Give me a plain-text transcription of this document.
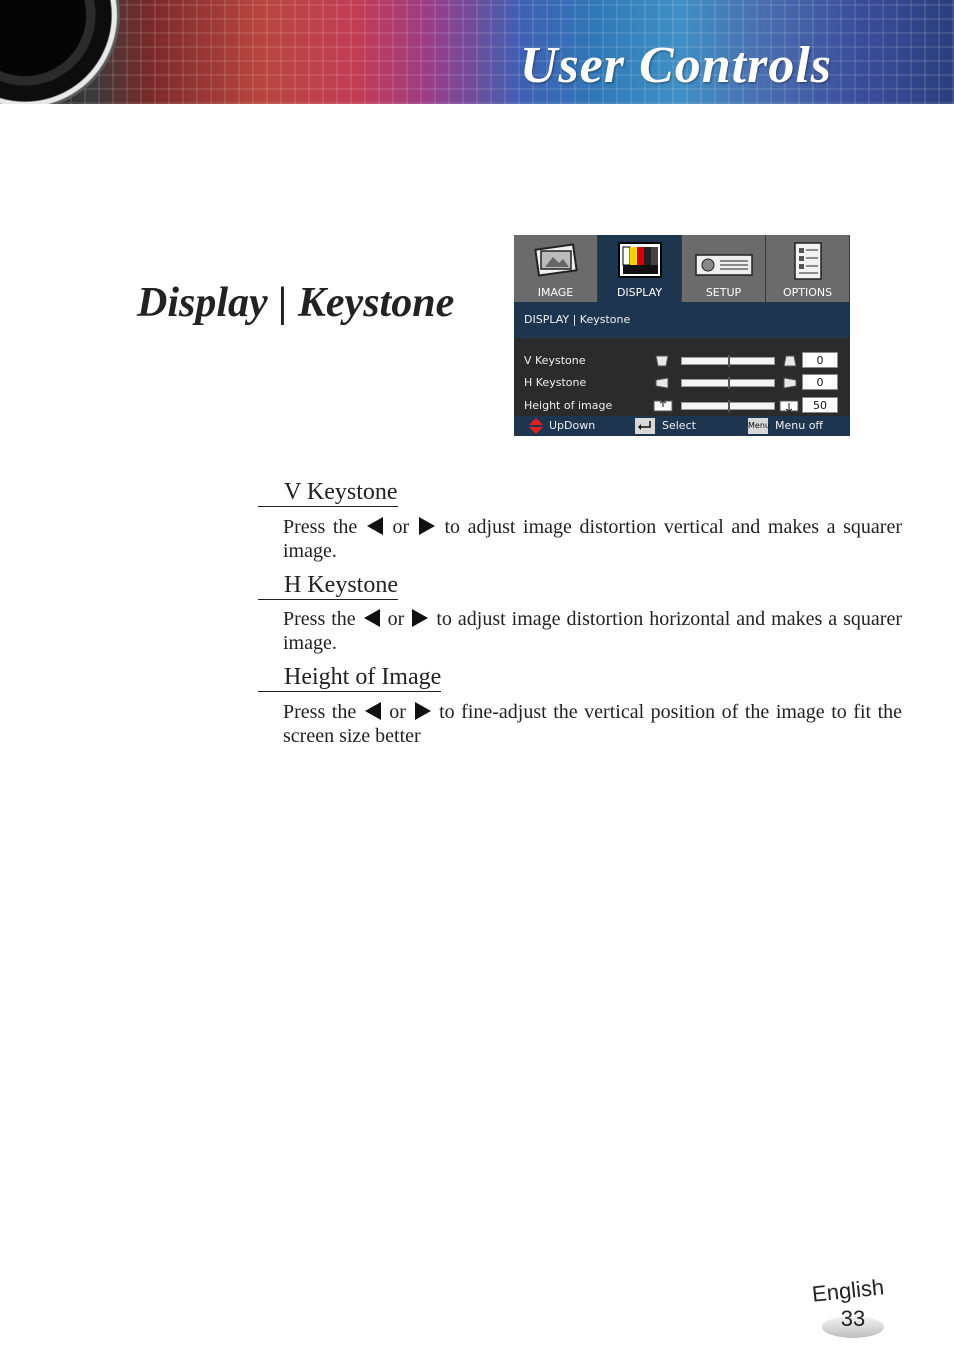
User Controls
Display | Keystone	IMAGE	DISPLAY	SETUP	OPTIONS
DISPLAY | Keystone
V Keystone	0
H Keystone	0
Height of image	50
UpDown	Select	Menu Menu off
V Keystone
Press the or to adjust image distortion vertical and makes a squarer image.
H Keystone
Press the or to adjust image distortion horizontal and makes a squarer image.
Height of Image
Press the or to fine-adjust the vertical position of the image to fit the screen size better
English
33
